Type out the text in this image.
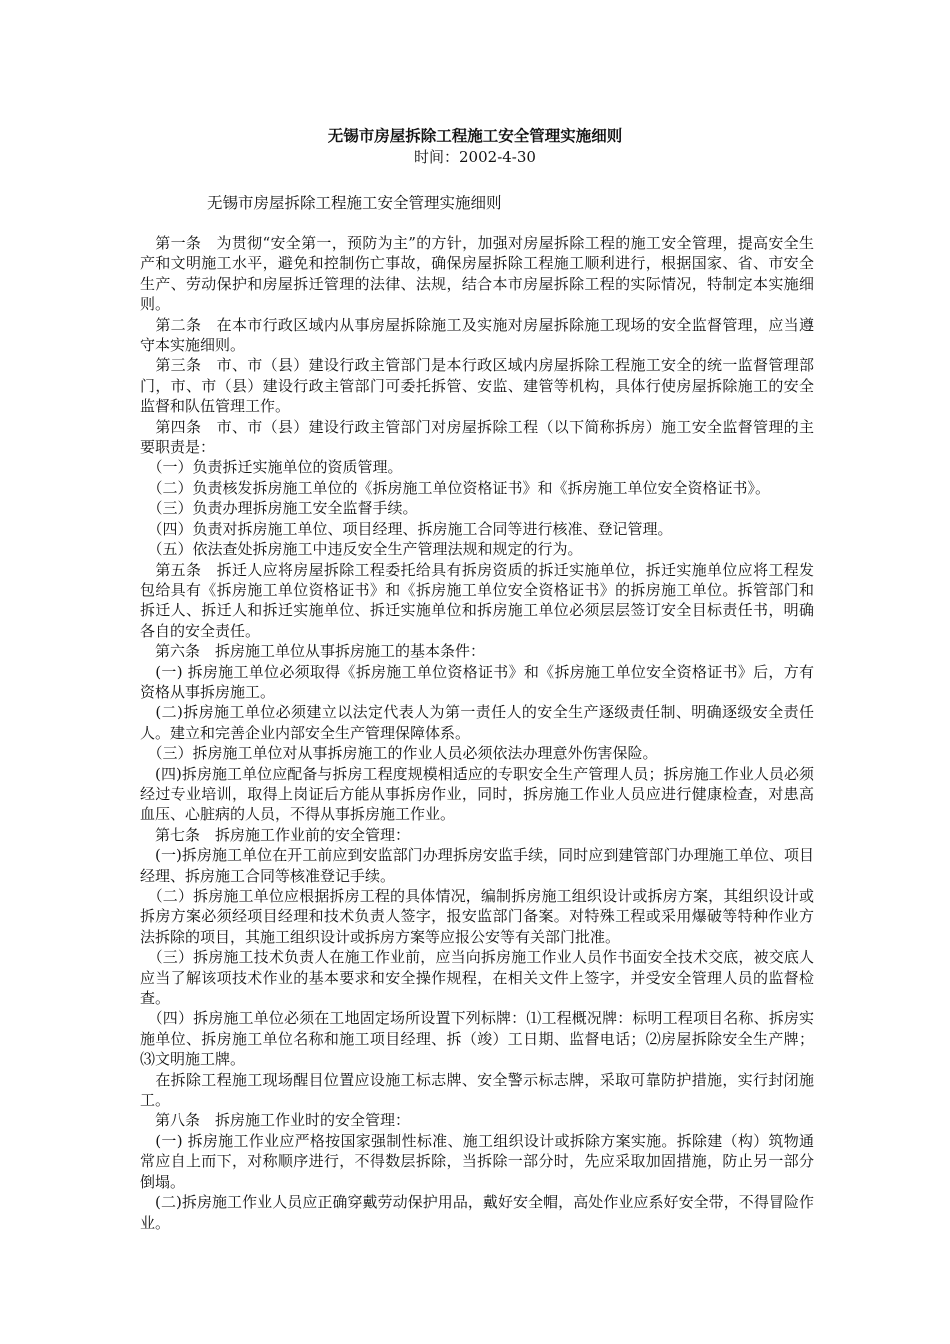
无锡市房屋拆除工程施工安全管理实施细则
时间：2002-4-30
无锡市房屋拆除工程施工安全管理实施细则

　第一条　为贯彻“安全第一，预防为主”的方针，加强对房屋拆除工程的施工安全管理，提高安全生产和文明施工水平，避免和控制伤亡事故，确保房屋拆除工程施工顺利进行，根据国家、省、市安全生产、劳动保护和房屋拆迁管理的法律、法规，结合本市房屋拆除工程的实际情况，特制定本实施细则。

　第二条　在本市行政区域内从事房屋拆除施工及实施对房屋拆除施工现场的安全监督管理，应当遵守本实施细则。

　第三条　市、市（县）建设行政主管部门是本行政区域内房屋拆除工程施工安全的统一监督管理部门，市、市（县）建设行政主管部门可委托拆管、安监、建管等机构，具体行使房屋拆除施工的安全监督和队伍管理工作。

　第四条　市、市（县）建设行政主管部门对房屋拆除工程（以下简称拆房）施工安全监督管理的主要职责是：

　（一）负责拆迁实施单位的资质管理。

　（二）负责核发拆房施工单位的《拆房施工单位资格证书》和《拆房施工单位安全资格证书》。

　（三）负责办理拆房施工安全监督手续。

　（四）负责对拆房施工单位、项目经理、拆房施工合同等进行核准、登记管理。

　（五）依法查处拆房施工中违反安全生产管理法规和规定的行为。

　第五条　拆迁人应将房屋拆除工程委托给具有拆房资质的拆迁实施单位，拆迁实施单位应将工程发包给具有《拆房施工单位资格证书》和《拆房施工单位安全资格证书》的拆房施工单位。拆管部门和拆迁人、拆迁人和拆迁实施单位、拆迁实施单位和拆房施工单位必须层层签订安全目标责任书，明确各自的安全责任。

　第六条　拆房施工单位从事拆房施工的基本条件：

　(一) 拆房施工单位必须取得《拆房施工单位资格证书》和《拆房施工单位安全资格证书》后，方有资格从事拆房施工。

　(二)拆房施工单位必须建立以法定代表人为第一责任人的安全生产逐级责任制、明确逐级安全责任人。建立和完善企业内部安全生产管理保障体系。

　（三）拆房施工单位对从事拆房施工的作业人员必须依法办理意外伤害保险。

　(四)拆房施工单位应配备与拆房工程度规模相适应的专职安全生产管理人员；拆房施工作业人员必须经过专业培训，取得上岗证后方能从事拆房作业，同时，拆房施工作业人员应进行健康检查，对患高血压、心脏病的人员，不得从事拆房施工作业。

　第七条　拆房施工作业前的安全管理：

　(一)拆房施工单位在开工前应到安监部门办理拆房安监手续，同时应到建管部门办理施工单位、项目经理、拆房施工合同等核准登记手续。

　（二）拆房施工单位应根据拆房工程的具体情况，编制拆房施工组织设计或拆房方案，其组织设计或拆房方案必须经项目经理和技术负责人签字，报安监部门备案。对特殊工程或采用爆破等特种作业方法拆除的项目，其施工组织设计或拆房方案等应报公安等有关部门批准。

　（三）拆房施工技术负责人在施工作业前，应当向拆房施工作业人员作书面安全技术交底，被交底人应当了解该项技术作业的基本要求和安全操作规程，在相关文件上签字，并受安全管理人员的监督检查。

　（四）拆房施工单位必须在工地固定场所设置下列标牌：⑴工程概况牌：标明工程项目名称、拆房实施单位、拆房施工单位名称和施工项目经理、拆（竣）工日期、监督电话；⑵房屋拆除安全生产牌；⑶文明施工牌。

　在拆除工程施工现场醒目位置应设施工标志牌、安全警示标志牌，采取可靠防护措施，实行封闭施工。

　第八条　拆房施工作业时的安全管理：

　(一) 拆房施工作业应严格按国家强制性标准、施工组织设计或拆除方案实施。拆除建（构）筑物通常应自上而下，对称顺序进行，不得数层拆除，当拆除一部分时，先应采取加固措施，防止另一部分倒塌。

　(二)拆房施工作业人员应正确穿戴劳动保护用品，戴好安全帽，高处作业应系好安全带，不得冒险作业。
